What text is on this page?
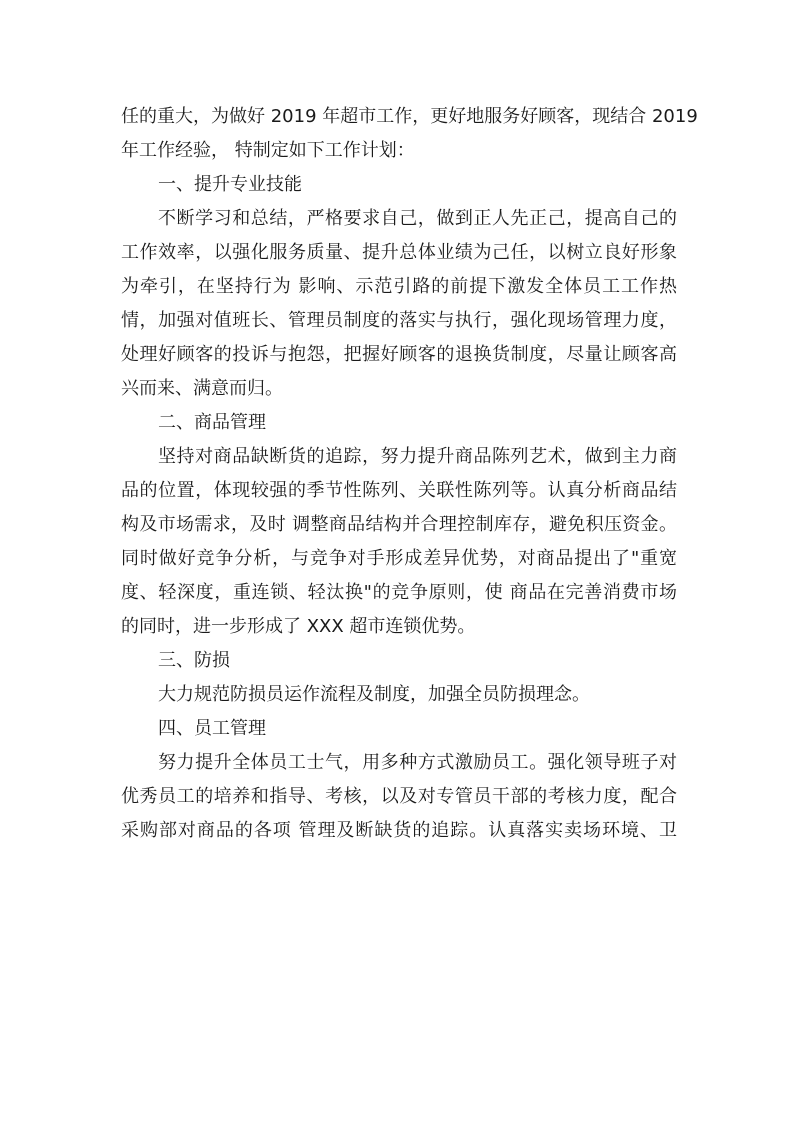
任的重大，为做好 2019 年超市工作，更好地服务好顾客，现结合 2019
年工作经验， 特制定如下工作计划：
一、提升专业技能
不断学习和总结，严格要求自己，做到正人先正己，提高自己的
工作效率，以强化服务质量、提升总体业绩为己任，以树立良好形象
为牵引，在坚持行为 影响、示范引路的前提下激发全体员工工作热
情，加强对值班长、管理员制度的落实与执行，强化现场管理力度，
处理好顾客的投诉与抱怨，把握好顾客的退换货制度，尽量让顾客高
兴而来、满意而归。
二、商品管理
坚持对商品缺断货的追踪，努力提升商品陈列艺术，做到主力商
品的位置，体现较强的季节性陈列、关联性陈列等。认真分析商品结
构及市场需求，及时 调整商品结构并合理控制库存，避免积压资金。
同时做好竞争分析，与竞争对手形成差异优势，对商品提出了"重宽
度、轻深度，重连锁、轻汰换"的竞争原则，使 商品在完善消费市场
的同时，进一步形成了 XXX 超市连锁优势。
三、防损
大力规范防损员运作流程及制度，加强全员防损理念。
四、员工管理
努力提升全体员工士气，用多种方式激励员工。强化领导班子对
优秀员工的培养和指导、考核，以及对专管员干部的考核力度，配合
采购部对商品的各项 管理及断缺货的追踪。认真落实卖场环境、卫
